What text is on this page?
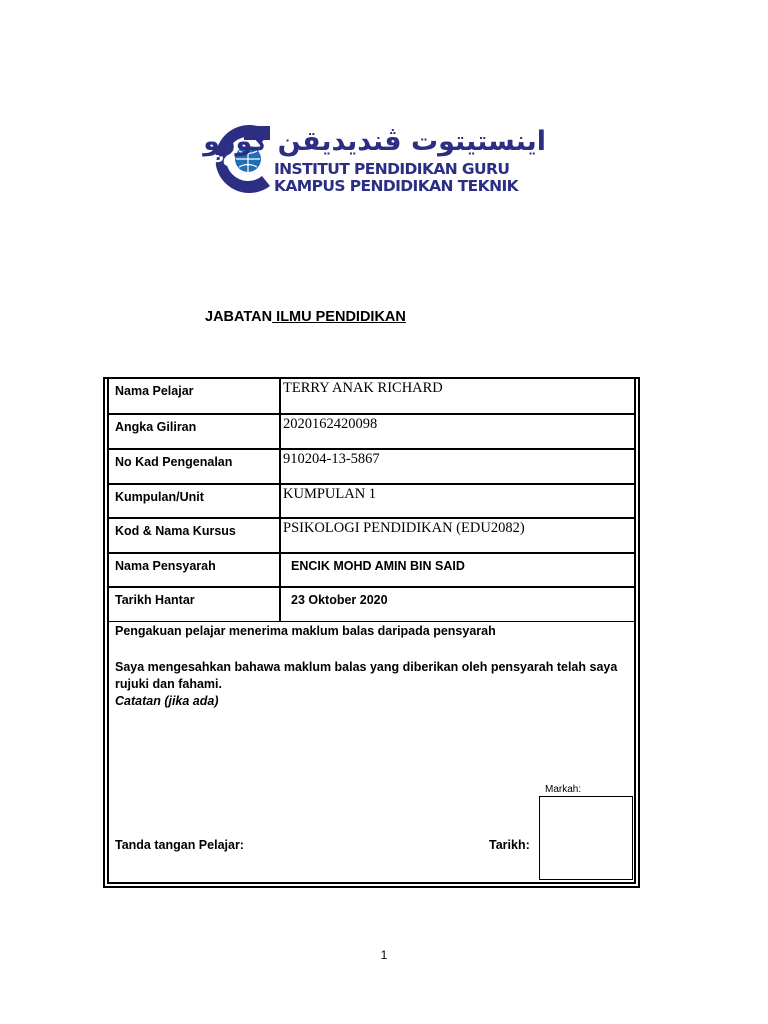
iPG
اينستيتوت ڤنديديقن ݢورو
INSTITUT PENDIDIKAN GURU
KAMPUS PENDIDIKAN TEKNIK
JABATAN ILMU PENDIDIKAN
Nama Pelajar	TERRY ANAK RICHARD
Angka Giliran	2020162420098
No Kad Pengenalan	910204-13-5867
Kumpulan/Unit	KUMPULAN 1
Kod & Nama Kursus	PSIKOLOGI PENDIDIKAN (EDU2082)
Nama Pensyarah	ENCIK MOHD AMIN BIN SAID
Tarikh Hantar	23 Oktober 2020
Pengakuan pelajar menerima maklum balas daripada pensyarah
Saya mengesahkan bahawa maklum balas yang diberikan oleh pensyarah telah saya rujuki dan fahami.
Catatan (jika ada)
Markah:
Tanda tangan Pelajar:	Tarikh:
1
